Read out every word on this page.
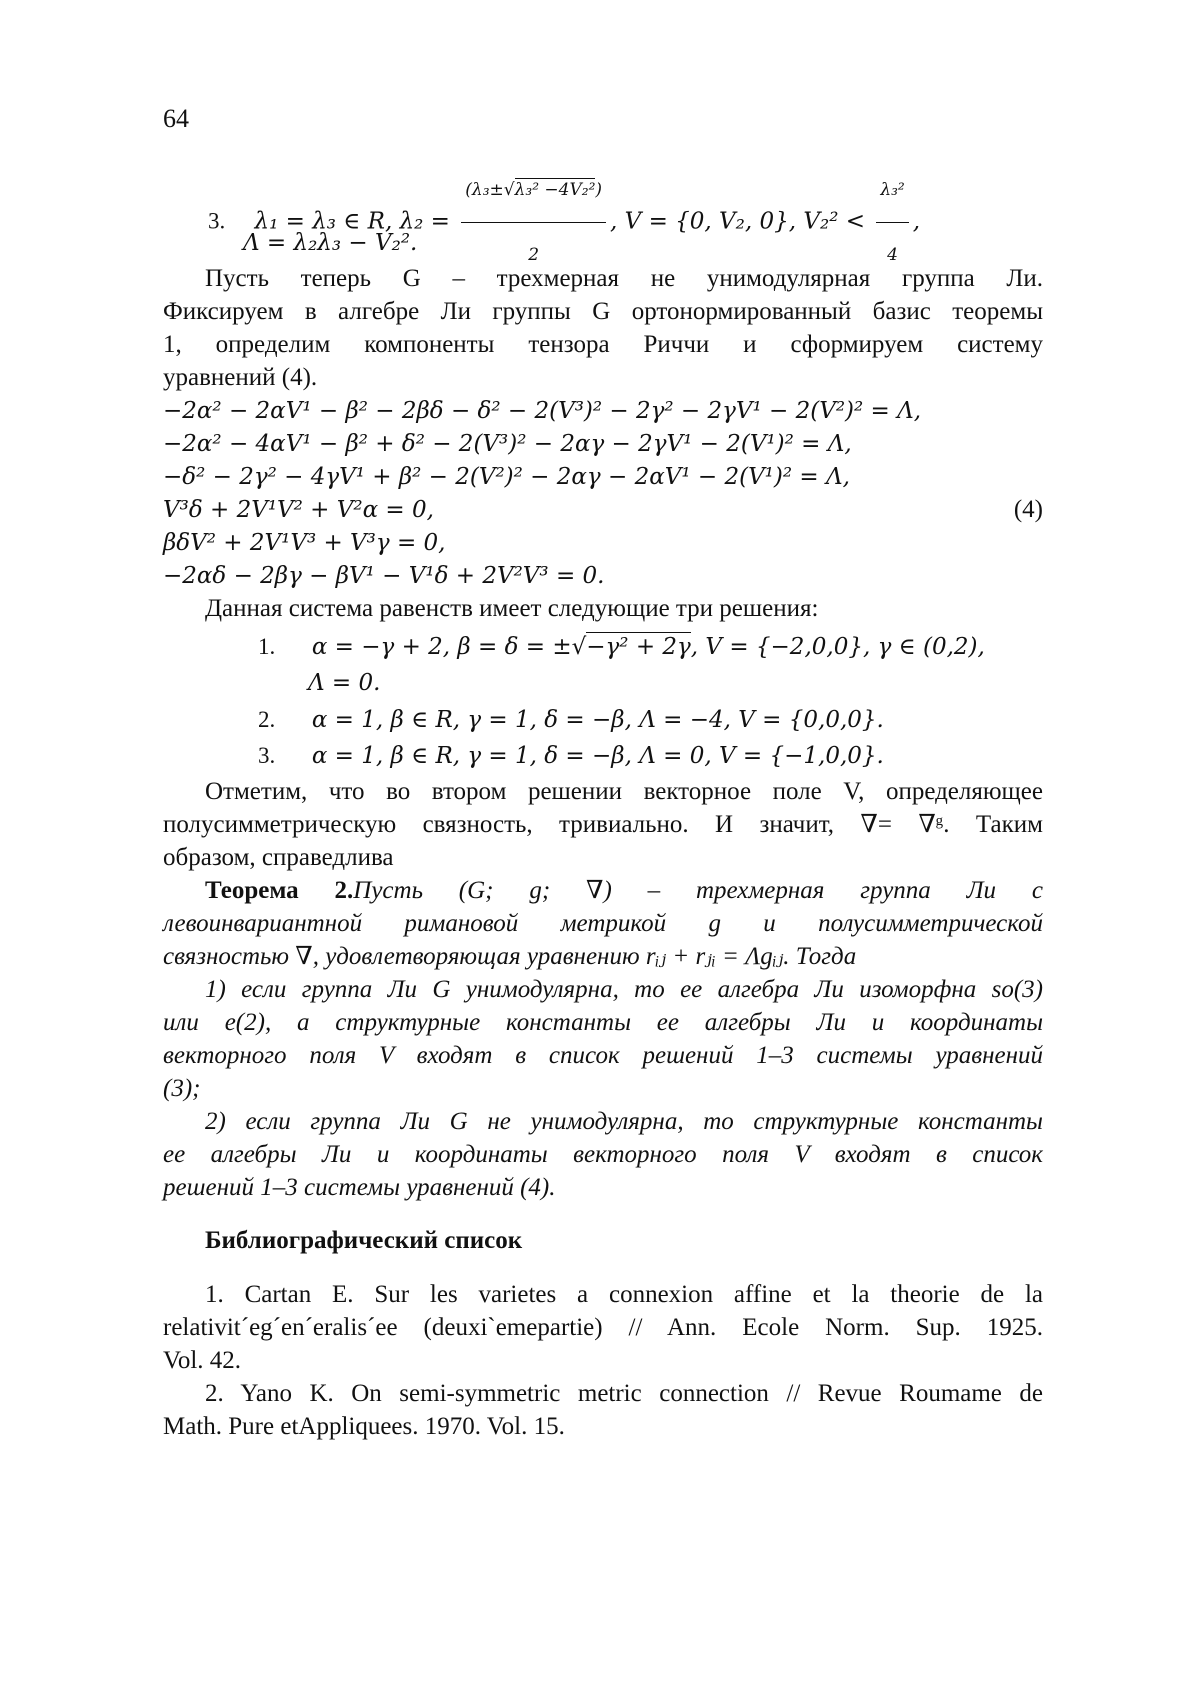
64
3. λ₁ = λ₃ ∈ R, λ₂ =
(λ₃±√λ₃² −4V₂²)
2
, V = {0, V₂, 0}, V₂² <
λ₃²
4
,
Λ = λ₂λ₃ − V₂².
Пусть теперь G – трехмерная не унимодулярная группа Ли.
Фиксируем в алгебре Ли группы G ортонормированный базис теоремы
1, определим компоненты тензора Риччи и сформируем систему
уравнений (4).
−2α² − 2αV¹ − β² − 2βδ − δ² − 2(V³)² − 2γ² − 2γV¹ − 2(V²)² = Λ,
−2α² − 4αV¹ − β² + δ² − 2(V³)² − 2αγ − 2γV¹ − 2(V¹)² = Λ,
−δ² − 2γ² − 4γV¹ + β² − 2(V²)² − 2αγ − 2αV¹ − 2(V¹)² = Λ,
V³δ + 2V¹V² + V²α = 0,	(4)
βδV² + 2V¹V³ + V³γ = 0,
−2αδ − 2βγ − βV¹ − V¹δ + 2V²V³ = 0.
Данная система равенств имеет следующие три решения:
1. α = −γ + 2, β = δ = ±√−γ² + 2γ, V = {−2,0,0}, γ ∈ (0,2),
Λ = 0.
2. α = 1, β ∈ R, γ = 1, δ = −β, Λ = −4, V = {0,0,0}.
3. α = 1, β ∈ R, γ = 1, δ = −β, Λ = 0, V = {−1,0,0}.
Отметим, что во втором решении векторное поле V, определяющее
полусимметрическую связность, тривиально. И значит, ∇= ∇ᵍ. Таким
образом, справедлива
Теорема 2.Пусть (G; g; ∇) – трехмерная группа Ли с
левоинвариантной римановой метрикой g и полусимметрической
связностью ∇, удовлетворяющая уравнению rᵢⱼ + rⱼᵢ = Λgᵢⱼ. Тогда
1) если группа Ли G унимодулярна, то ее алгебра Ли изоморфна so(3)
или e(2), а структурные константы ее алгебры Ли и координаты
векторного поля V входят в список решений 1–3 системы уравнений
(3);
2) если группа Ли G не унимодулярна, то структурные константы
ее алгебры Ли и координаты векторного поля V входят в список
решений 1–3 системы уравнений (4).
Библиографический список
1. Cartan E. Sur les varietes a connexion affine et la theorie de la
relativit´eg´en´eralis´ee (deuxi`emepartie) // Ann. Ecole Norm. Sup. 1925.
Vol. 42.
2. Yano K. On semi-symmetric metric connection // Revue Roumame de
Math. Pure etAppliquees. 1970. Vol. 15.
